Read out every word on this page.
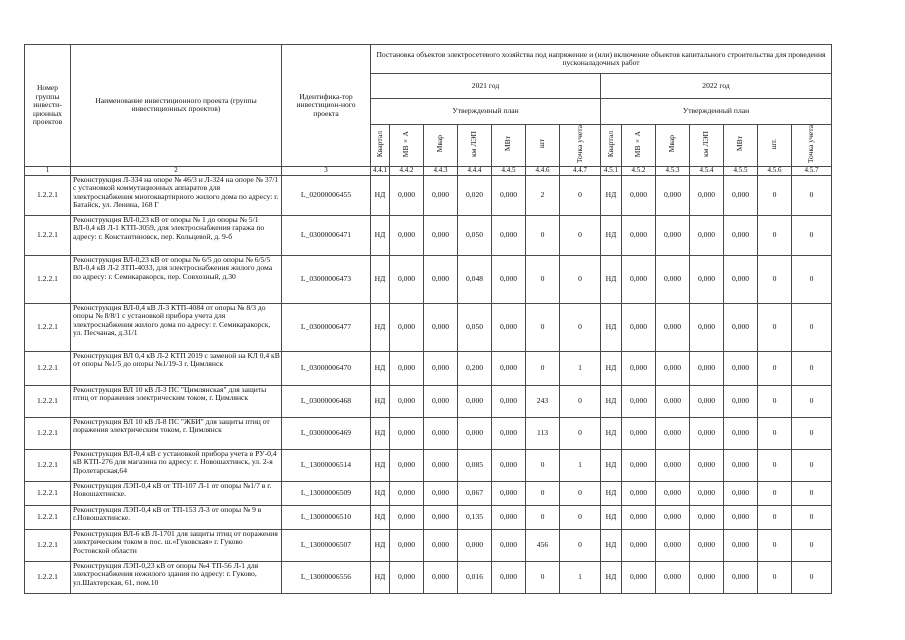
Номер группы инвести-ционных проектов	Наименование инвестиционного проекта (группы инвестиционных проектов)	Идентифика-тор инвестицион-ного проекта	Постановка объектов электросетевого хозяйства под напряжение и (или) включение объектов капитального строительства для проведения пусконаладочных работ													
			2021 год							2022 год						
			Утвержденный план							Утвержденный план						
			Квартал	МВ×А	Мвар	км ЛЭП	МВт	шт	Точка учета	Квартал	МВ×А	Мвар	км ЛЭП	МВт	шт.	Точка учета
1	2	3	4.4.1	4.4.2	4.4.3	4.4.4	4.4.5	4.4.6	4.4.7	4.5.1	4.5.2	4.5.3	4.5.4	4.5.5	4.5.6	4.5.7
1.2.2.1	Реконструкция Л-334 на опоре № 46/3 и Л-324 на опоре № 37/1 с установкой коммутационных аппаратов для электроснабжения многоквартирного жилого дома по адресу: г. Батайск, ул. Ленина, 168 Г	L_02000006455	НД	0,000	0,000	0,020	0,000	2	0	НД	0,000	0,000	0,000	0,000	0	0
1.2.2.1	Реконструкция ВЛ-0,23 кВ от опоры № 1 до опоры № 5/1 ВЛ-0,4 кВ Л-1 КТП-3059, для электроснабжения гаража по адресу: г. Константиновск, пер. Кольцевой, д. 9-б	L_03000006471	НД	0,000	0,000	0,050	0,000	0	0	НД	0,000	0,000	0,000	0,000	0	0
1.2.2.1	Реконструкция ВЛ-0,23 кВ от опоры № 6/5 до опоры № 6/5/5 ВЛ-0,4 кВ Л-2 ЗТП-4033, для электроснабжения жилого дома по адресу: г. Семикаракорск, пер. Совхозный, д.30	L_03000006473	НД	0,000	0,000	0,048	0,000	0	0	НД	0,000	0,000	0,000	0,000	0	0
1.2.2.1	Реконструкция ВЛ-0,4 кВ Л-3 КТП-4084 от опоры № 8/3 до опоры № 8/8/1 с установкой прибора учета для электроснабжения жилого дома по адресу: г. Семикаракорск, ул. Песчаная, д.31/1	L_03000006477	НД	0,000	0,000	0,050	0,000	0	0	НД	0,000	0,000	0,000	0,000	0	0
1.2.2.1	Реконструкция ВЛ 0,4 кВ Л-2 КТП 2019 с заменой на КЛ 0,4 кВ от опоры №1/5 до опоры №1/19-3 г. Цимлянск	L_03000006470	НД	0,000	0,000	0,200	0,000	0	1	НД	0,000	0,000	0,000	0,000	0	0
1.2.2.1	Реконструкция ВЛ 10 кВ Л-3 ПС "Цимлянская" для защиты птиц от поражения электрическим током, г. Цимлянск	L_03000006468	НД	0,000	0,000	0,000	0,000	243	0	НД	0,000	0,000	0,000	0,000	0	0
1.2.2.1	Реконструкция ВЛ 10 кВ Л-8 ПС "ЖБИ" для защиты птиц от поражения электрическим током, г. Цимлянск	L_03000006469	НД	0,000	0,000	0,000	0,000	113	0	НД	0,000	0,000	0,000	0,000	0	0
1.2.2.1	Реконструкция ВЛ-0,4 кВ с установкой прибора учета в РУ-0,4 кВ КТП-276 для магазина по адресу: г. Новошахтинск, ул. 2-я Пролетарская,64	L_13000006514	НД	0,000	0,000	0,085	0,000	0	1	НД	0,000	0,000	0,000	0,000	0	0
1.2.2.1	Реконструкция ЛЭП-0,4 кВ от ТП-107 Л-1 от опоры №1/7 в г. Новошахтинске.	L_13000006509	НД	0,000	0,000	0,067	0,000	0	0	НД	0,000	0,000	0,000	0,000	0	0
1.2.2.1	Реконструкция ЛЭП-0,4 кВ от ТП-153 Л-3 от опоры № 9 в г.Новошахтинске.	L_13000006510	НД	0,000	0,000	0,135	0,000	0	0	НД	0,000	0,000	0,000	0,000	0	0
1.2.2.1	Реконструкция ВЛ-6 кВ Л-1701 для защиты птиц от поражения электрическим током в пос. ш.«Гуковская» г. Гуково Ростовской области	L_13000006507	НД	0,000	0,000	0,000	0,000	456	0	НД	0,000	0,000	0,000	0,000	0	0
1.2.2.1	Реконструкция ЛЭП-0,23 кВ от опоры №4 ТП-56 Л-1 для электроснабжения нежилого здания по адресу: г. Гуково, ул.Шахтерская, 61, пом.10	L_13000006556	НД	0,000	0,000	0,016	0,000	0	1	НД	0,000	0,000	0,000	0,000	0	0
